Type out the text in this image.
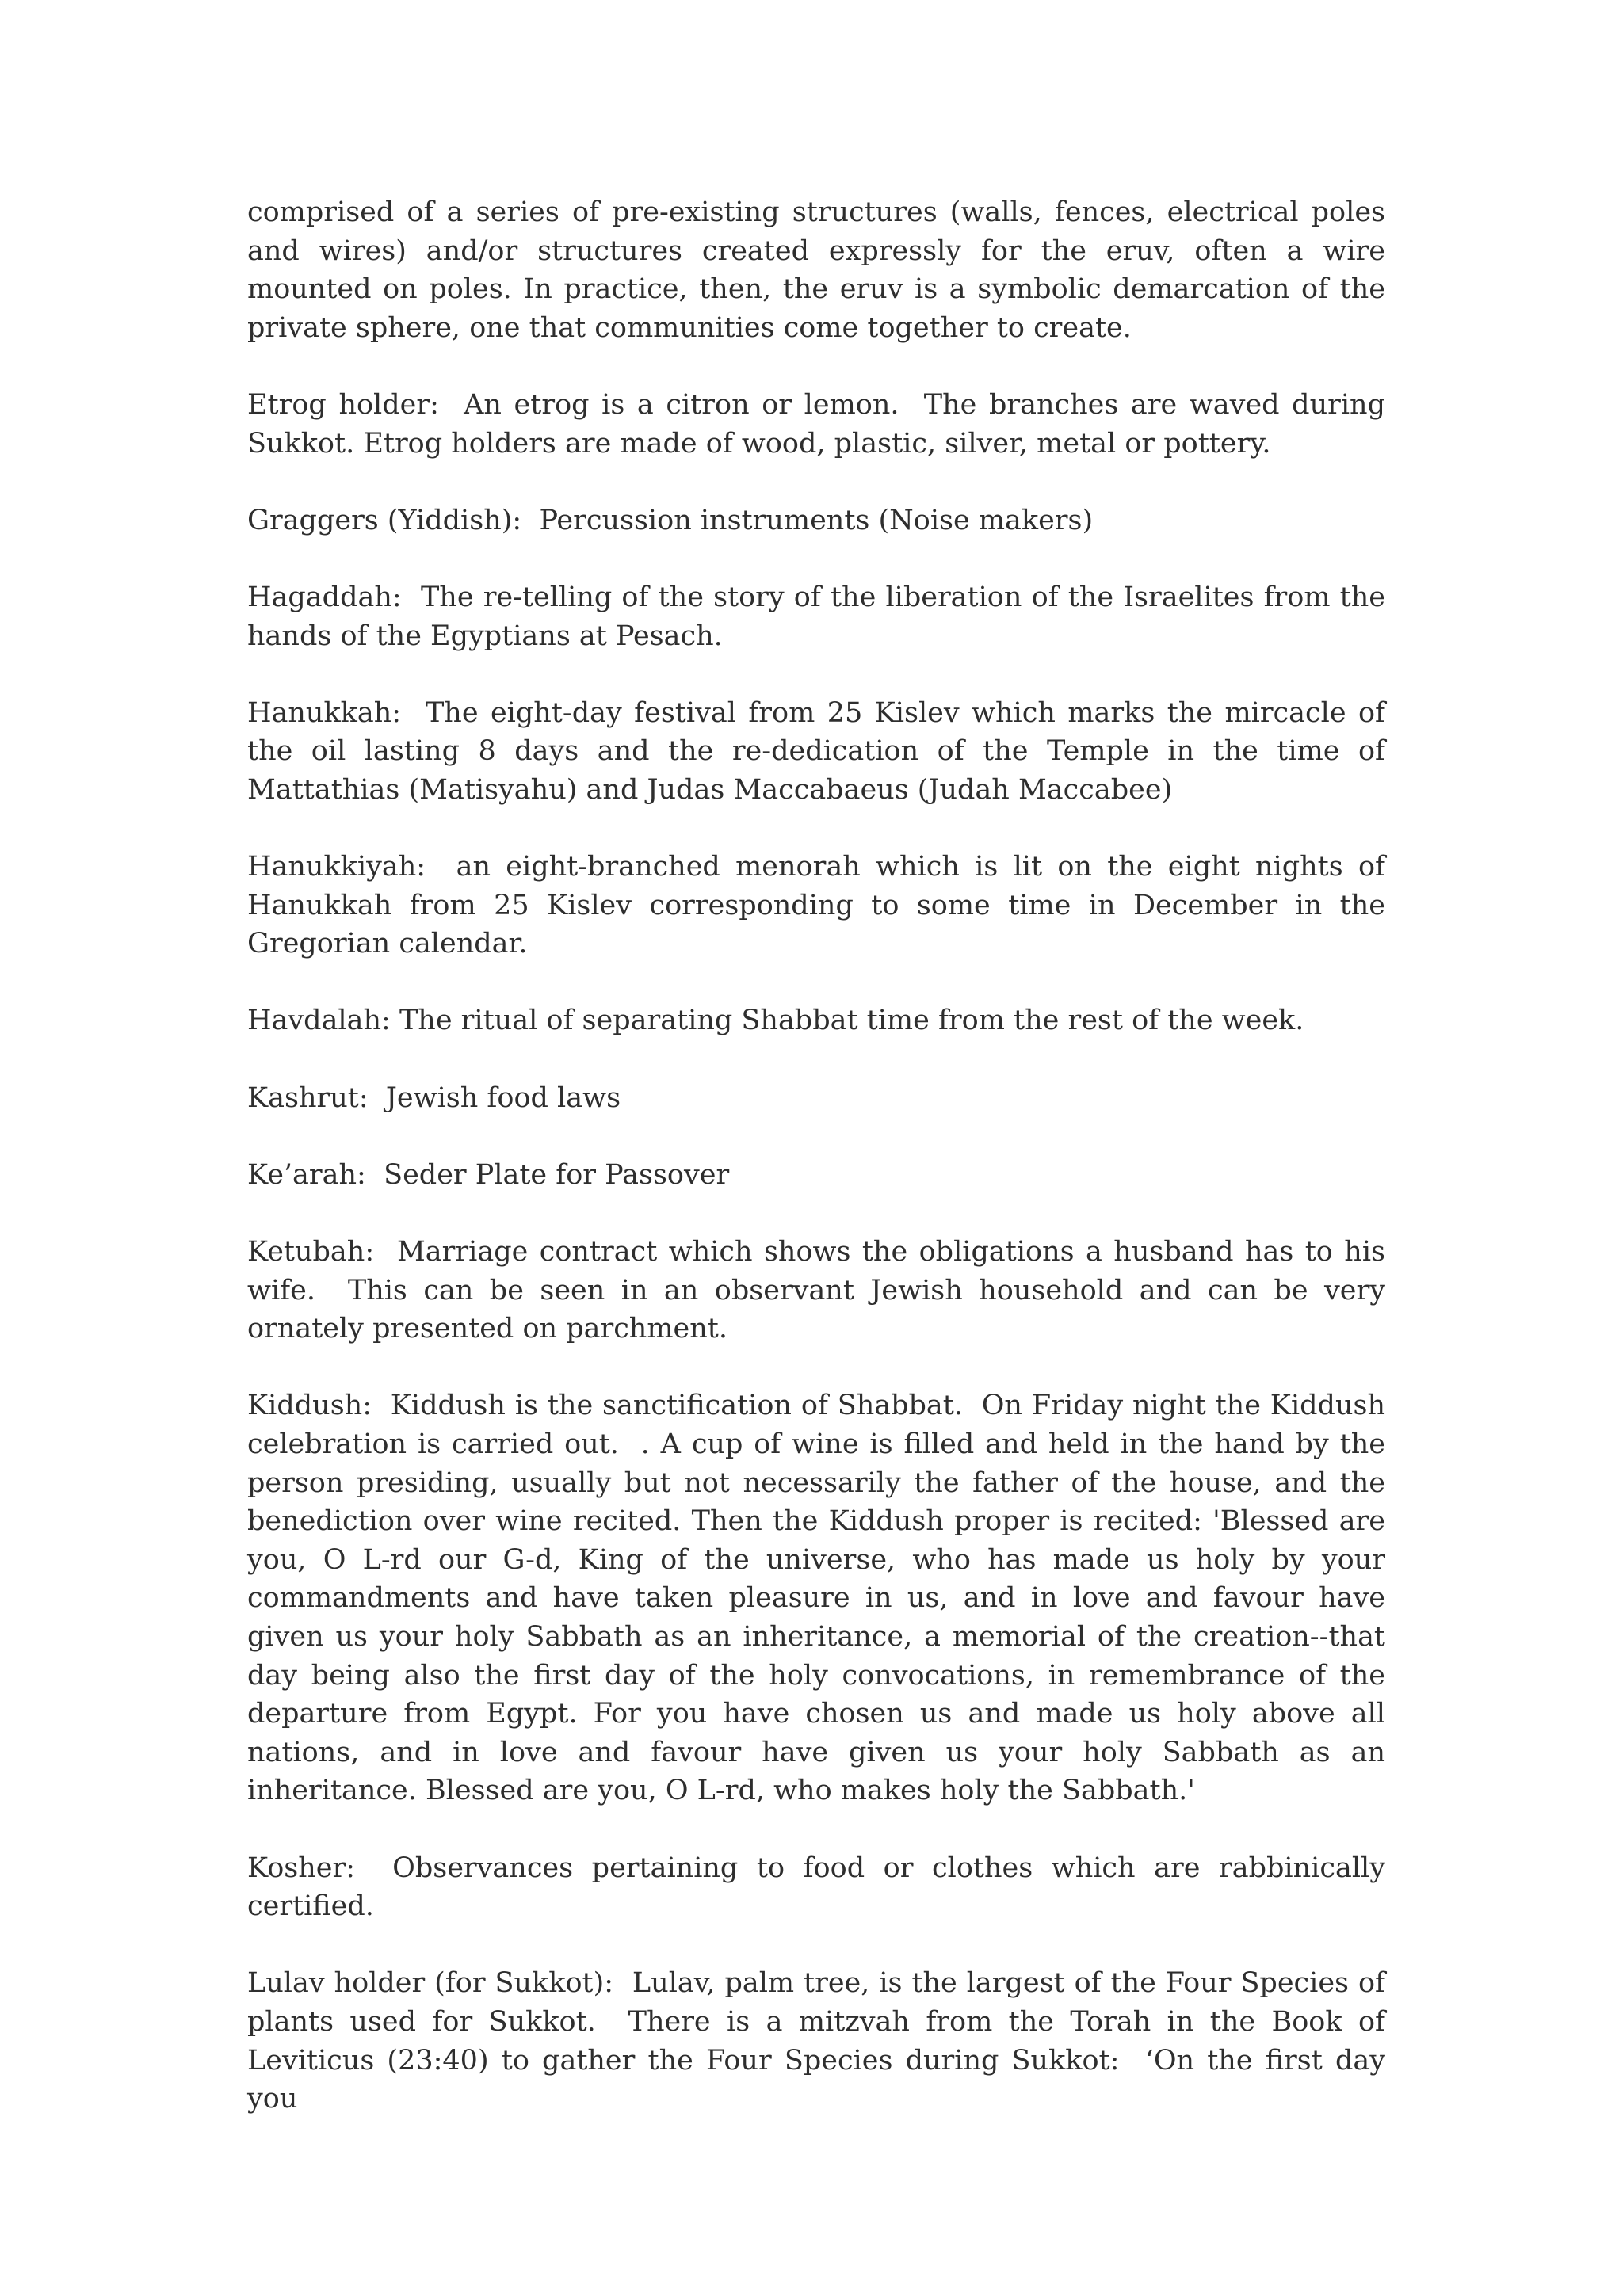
comprised of a series of pre-existing structures (walls, fences, electrical poles and wires) and/or structures created expressly for the eruv, often a wire mounted on poles. In practice, then, the eruv is a symbolic demarcation of the private sphere, one that communities come together to create.

Etrog holder:  An etrog is a citron or lemon.  The branches are waved during Sukkot. Etrog holders are made of wood, plastic, silver, metal or pottery.

Graggers (Yiddish):  Percussion instruments (Noise makers)

Hagaddah:  The re-telling of the story of the liberation of the Israelites from the hands of the Egyptians at Pesach.

Hanukkah:  The eight-day festival from 25 Kislev which marks the mircacle of the oil lasting 8 days and the re-dedication of the Temple in the time of Mattathias (Matisyahu) and Judas Maccabaeus (Judah Maccabee)

Hanukkiyah:  an eight-branched menorah which is lit on the eight nights of Hanukkah from 25 Kislev corresponding to some time in December in the Gregorian calendar.

Havdalah: The ritual of separating Shabbat time from the rest of the week.

Kashrut:  Jewish food laws

Ke’arah:  Seder Plate for Passover

Ketubah:  Marriage contract which shows the obligations a husband has to his wife.  This can be seen in an observant Jewish household and can be very ornately presented on parchment.

Kiddush:  Kiddush is the sanctification of Shabbat.  On Friday night the Kiddush celebration is carried out.  . A cup of wine is filled and held in the hand by the person presiding, usually but not necessarily the father of the house, and the benediction over wine recited. Then the Kiddush proper is recited: 'Blessed are you, O L-rd our G-d, King of the universe, who has made us holy by your commandments and have taken pleasure in us, and in love and favour have given us your holy Sabbath as an inheritance, a memorial of the creation--that day being also the first day of the holy convocations, in remembrance of the departure from Egypt. For you have chosen us and made us holy above all nations, and in love and favour have given us your holy Sabbath as an inheritance. Blessed are you, O L-rd, who makes holy the Sabbath.'

Kosher:  Observances pertaining to food or clothes which are rabbinically certified.

Lulav holder (for Sukkot):  Lulav, palm tree, is the largest of the Four Species of plants used for Sukkot.  There is a mitzvah from the Torah in the Book of Leviticus (23:40) to gather the Four Species during Sukkot:  ‘On the first day you
